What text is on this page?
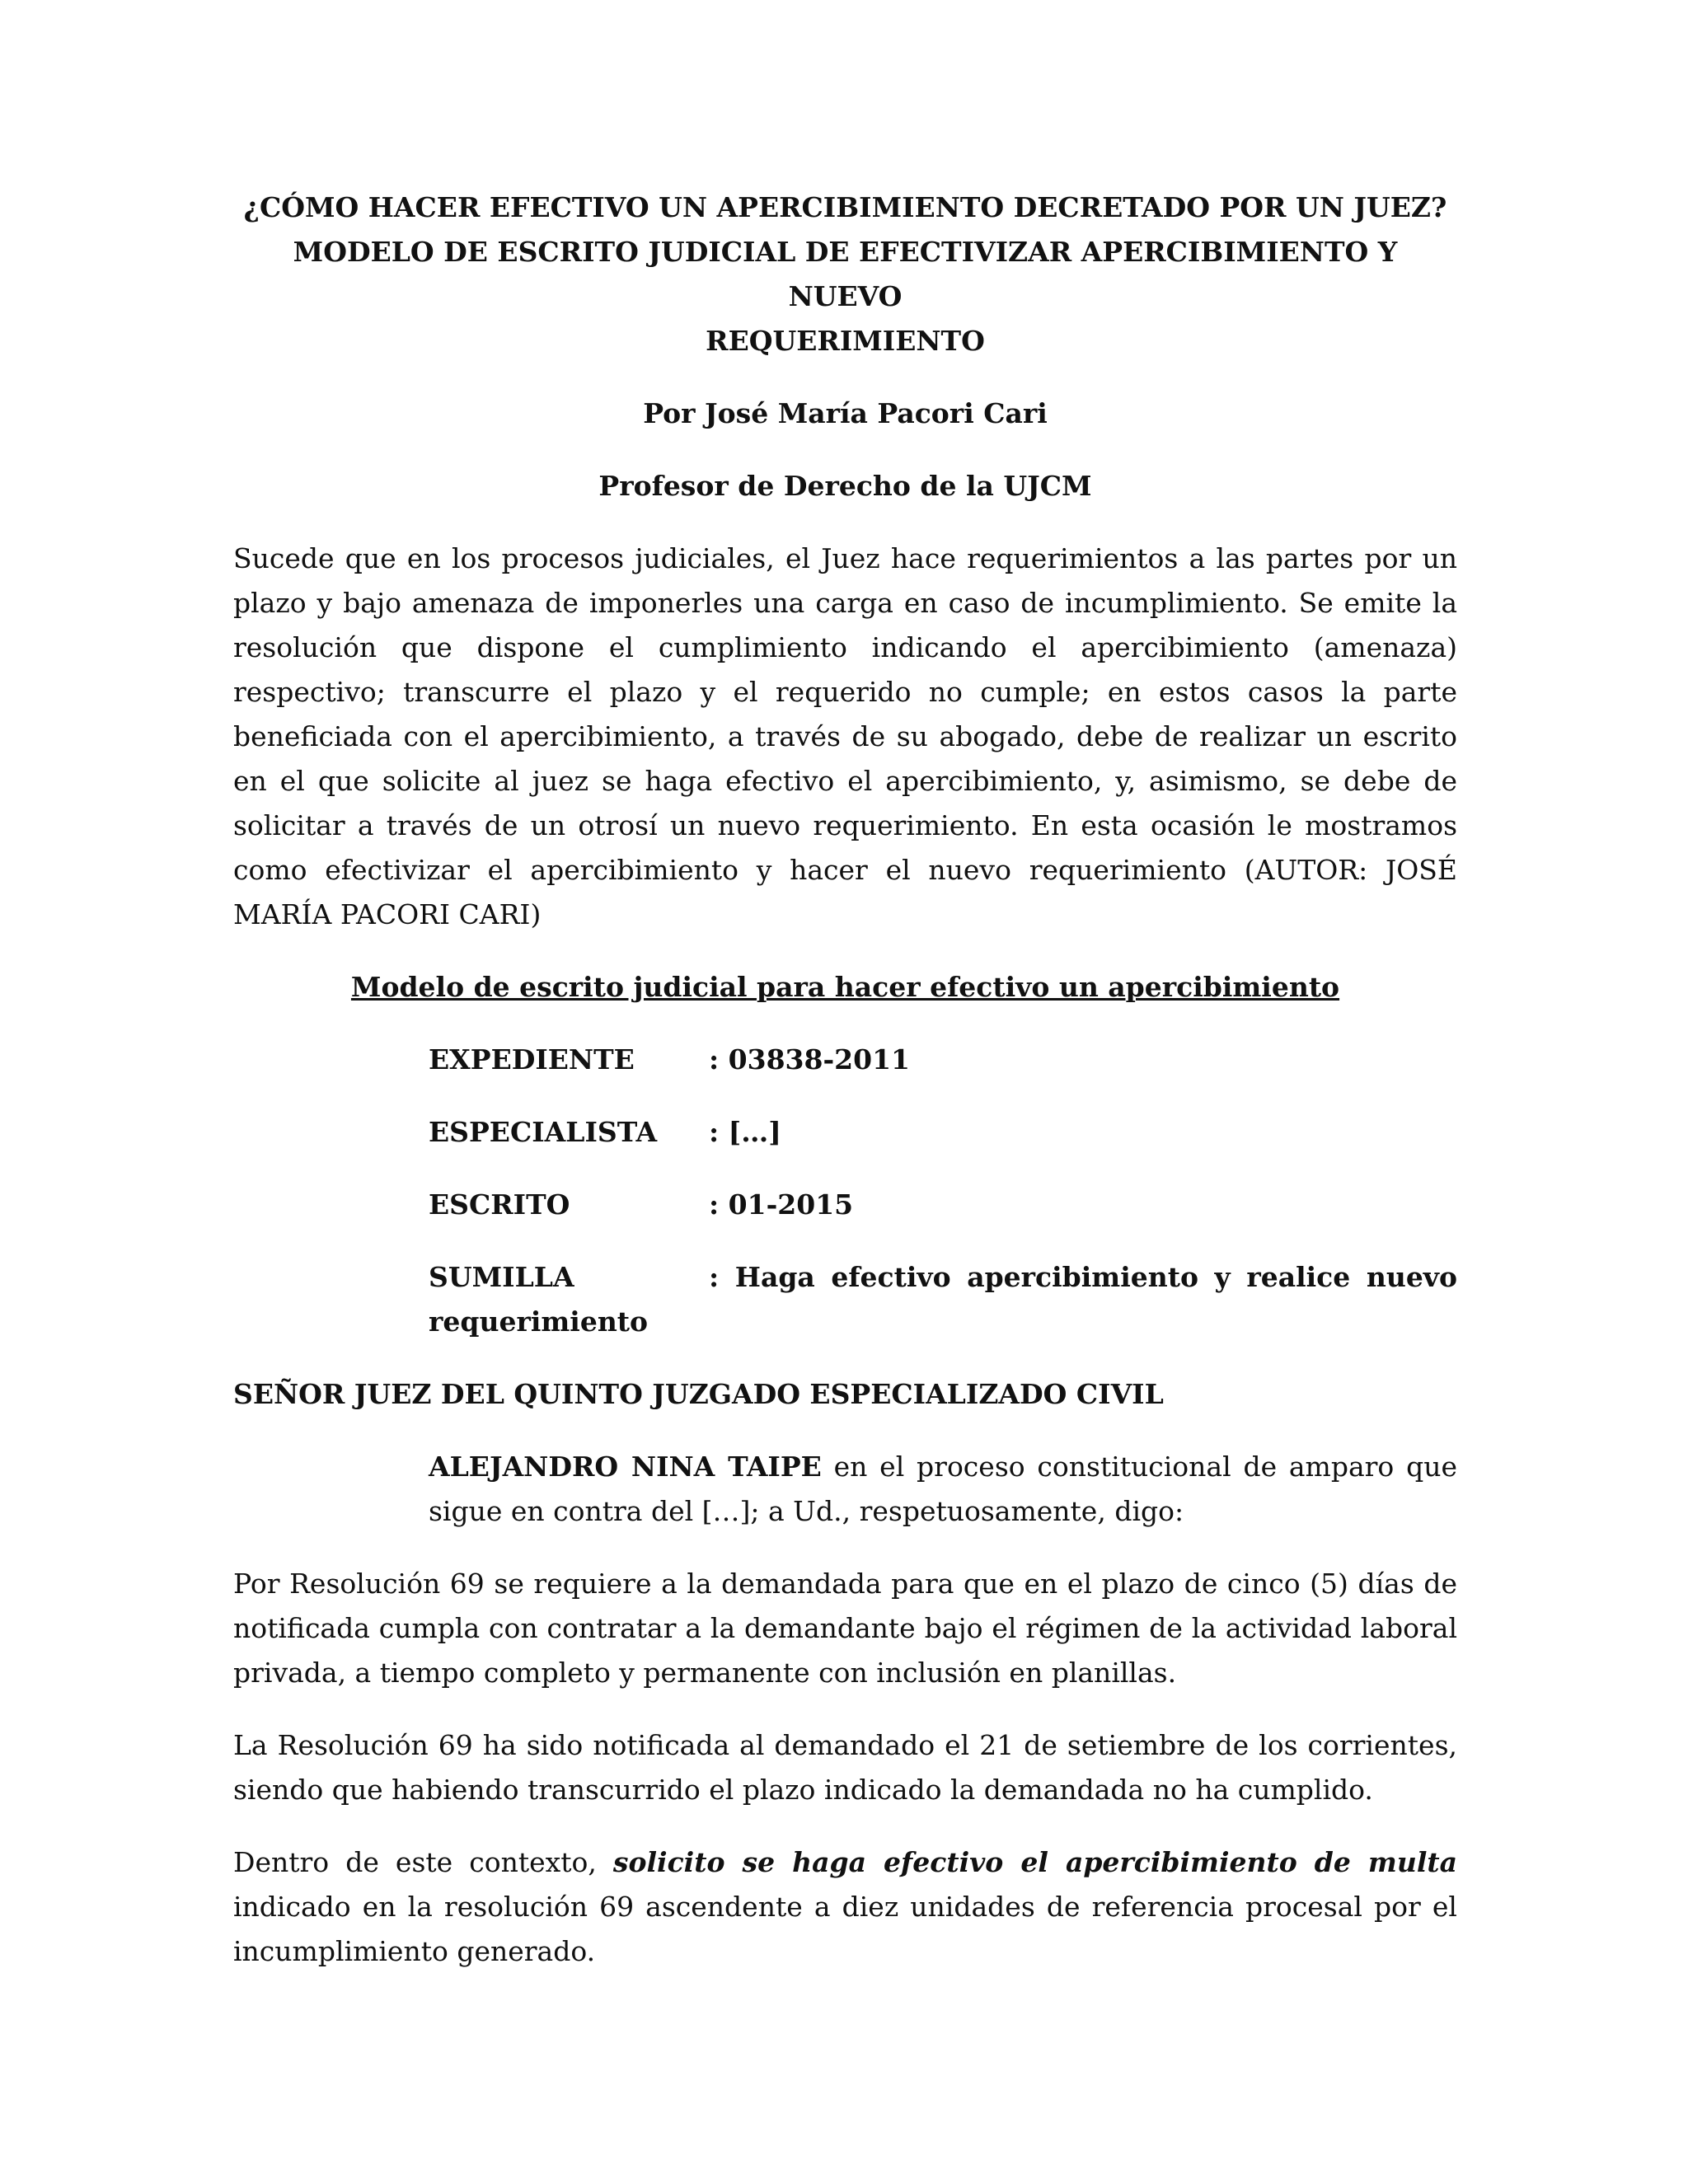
¿CÓMO HACER EFECTIVO UN APERCIBIMIENTO DECRETADO POR UN JUEZ?

MODELO DE ESCRITO JUDICIAL DE EFECTIVIZAR APERCIBIMIENTO Y NUEVO

REQUERIMIENTO

Por José María Pacori Cari

Profesor de Derecho de la UJCM

Sucede que en los procesos judiciales, el Juez hace requerimientos a las partes por un plazo y bajo amenaza de imponerles una carga en caso de incumplimiento. Se emite la resolución que dispone el cumplimiento indicando el apercibimiento (amenaza) respectivo; transcurre el plazo y el requerido no cumple; en estos casos la parte beneficiada con el apercibimiento, a través de su abogado, debe de realizar un escrito en el que solicite al juez se haga efectivo el apercibimiento, y, asimismo, se debe de solicitar a través de un otrosí un nuevo requerimiento. En esta ocasión le mostramos como efectivizar el apercibimiento y hacer el nuevo requerimiento (AUTOR: JOSÉ MARÍA PACORI CARI)

Modelo de escrito judicial para hacer efectivo un apercibimiento

EXPEDIENTE	: 03838-2011
ESPECIALISTA	: […]
ESCRITO	: 01-2015
SUMILLA	: Haga efectivo apercibimiento y realice nuevo
requerimiento

SEÑOR JUEZ DEL QUINTO JUZGADO ESPECIALIZADO CIVIL

ALEJANDRO NINA TAIPE en el proceso constitucional de amparo que sigue en contra del […]; a Ud., respetuosamente, digo:

Por Resolución 69 se requiere a la demandada para que en el plazo de cinco (5) días de notificada cumpla con contratar a la demandante bajo el régimen de la actividad laboral privada, a tiempo completo y permanente con inclusión en planillas.

La Resolución 69 ha sido notificada al demandado el 21 de setiembre de los corrientes, siendo que habiendo transcurrido el plazo indicado la demandada no ha cumplido.

Dentro de este contexto, solicito se haga efectivo el apercibimiento de multa indicado en la resolución 69 ascendente a diez unidades de referencia procesal por el incumplimiento generado.
